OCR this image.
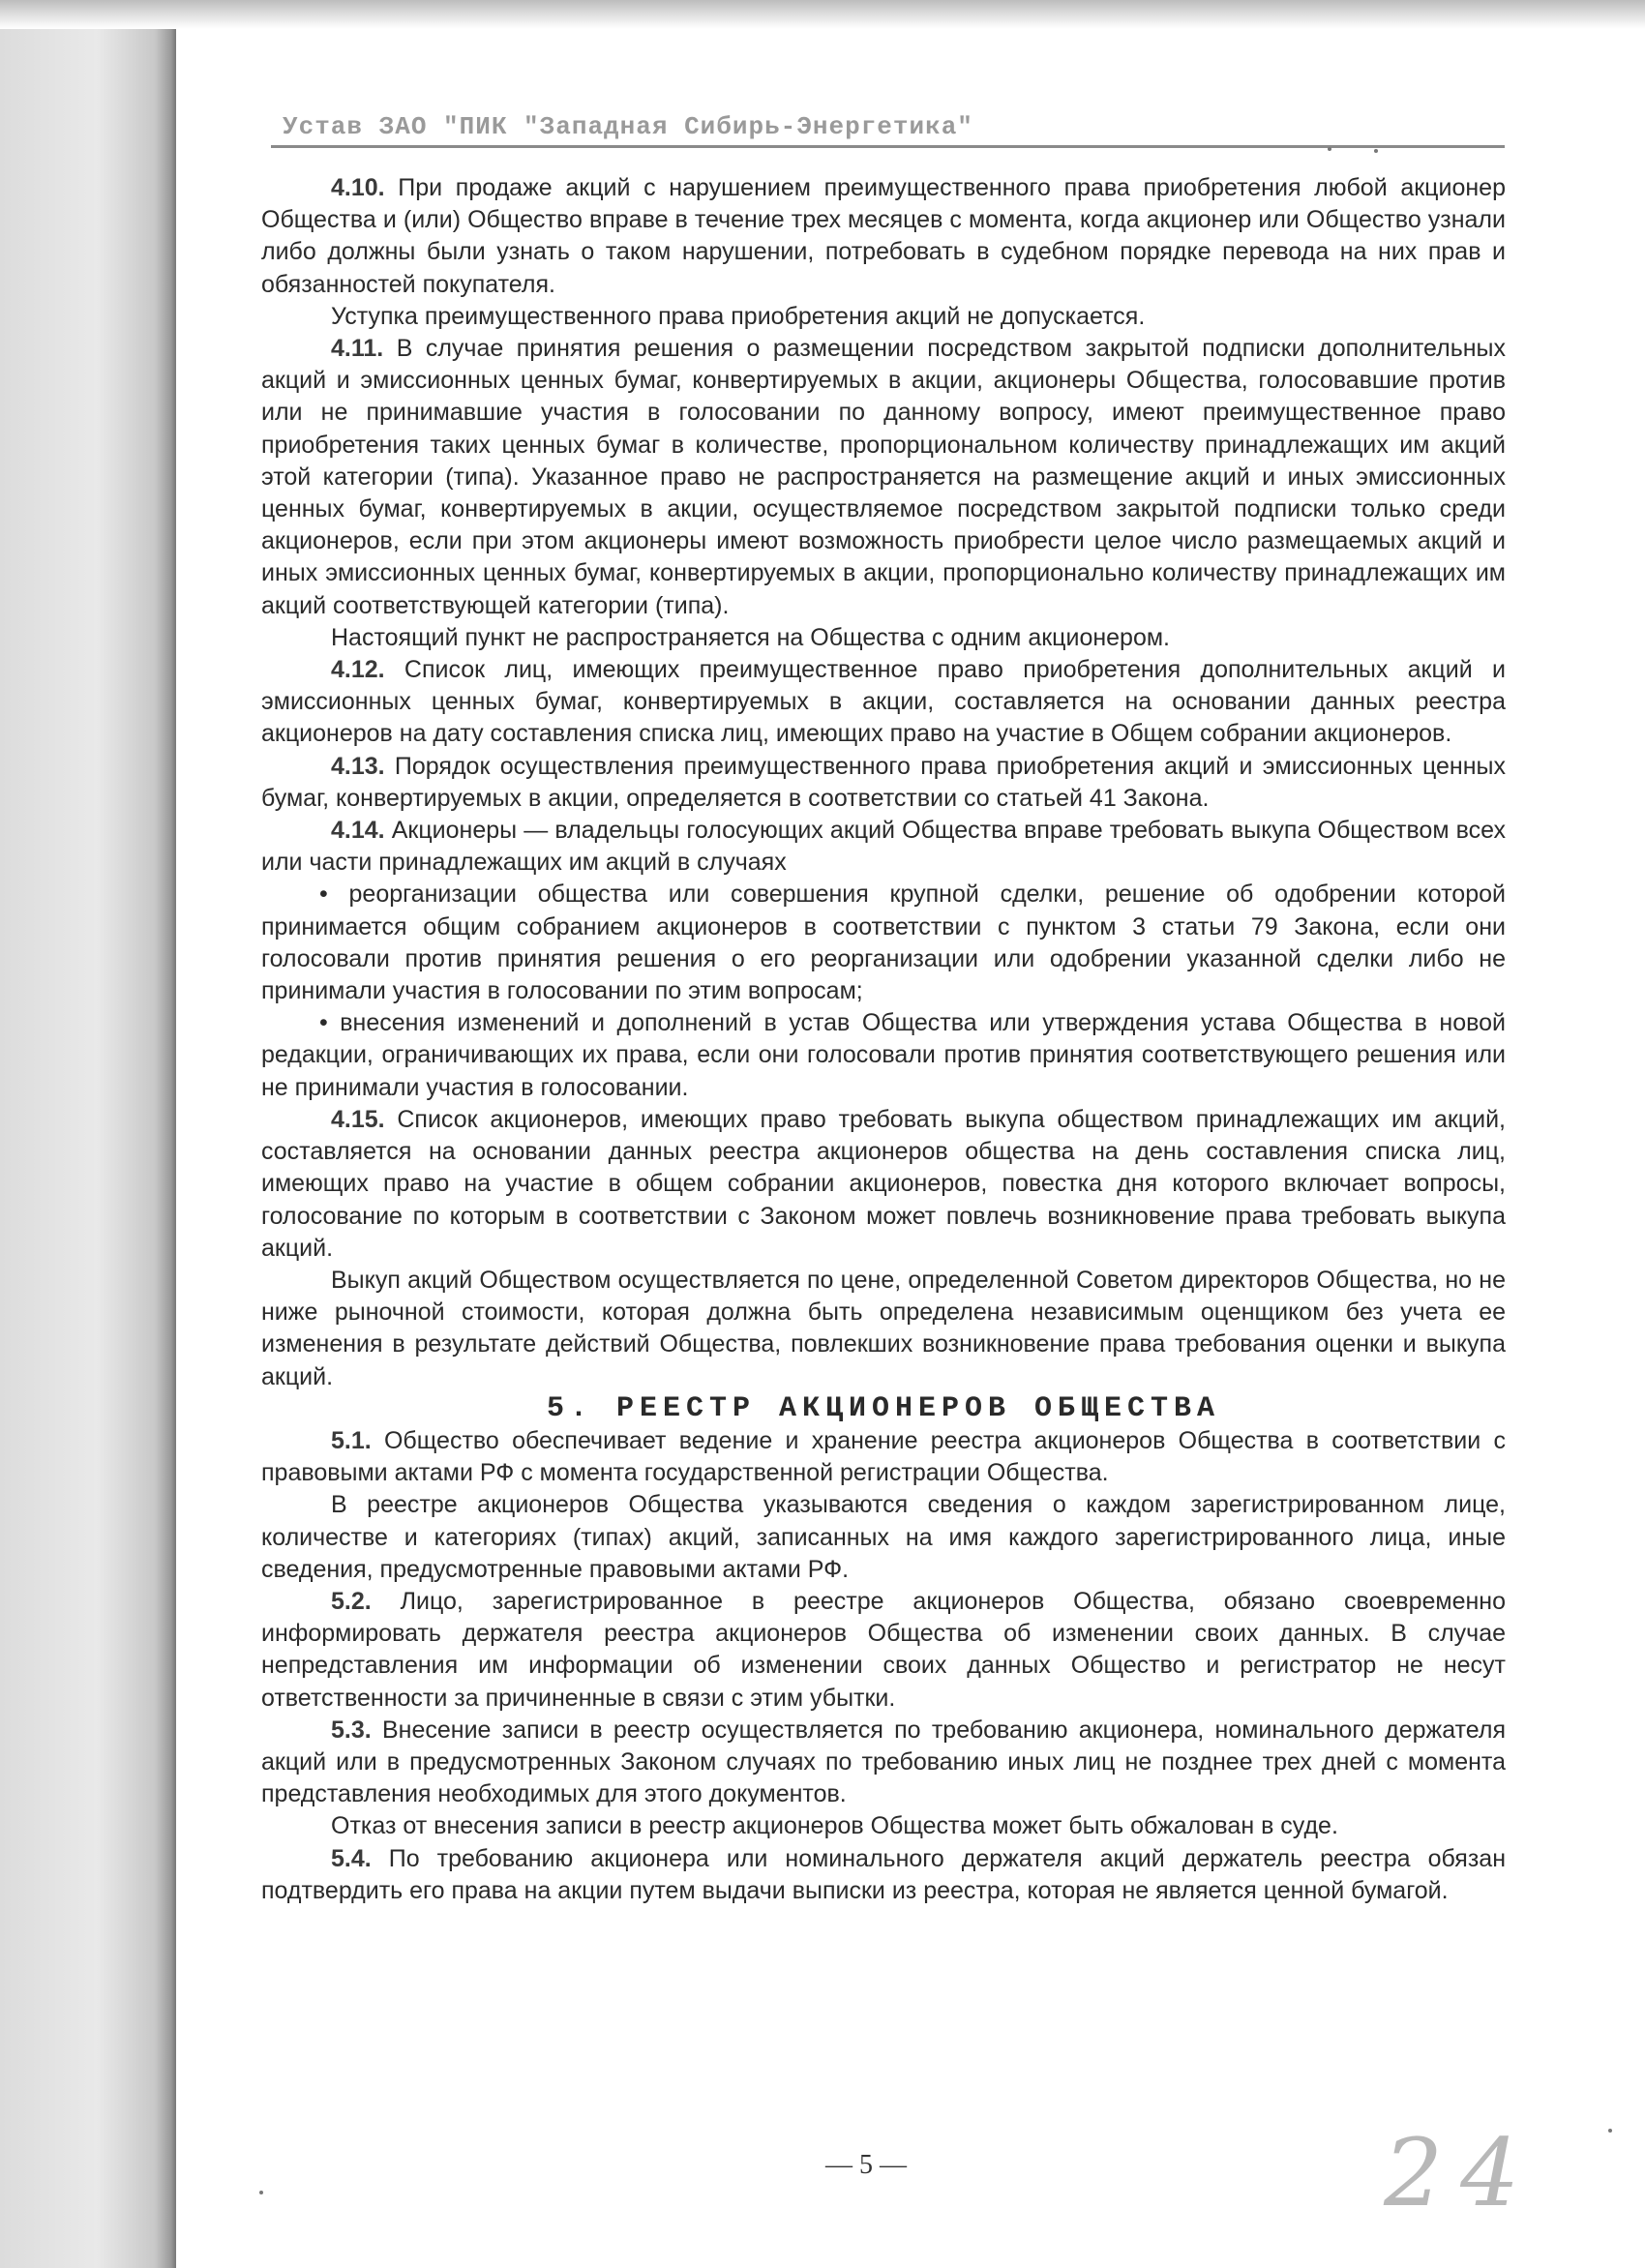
Устав ЗАО "ПИК "Западная Сибирь-Энергетика"

4.10. При продаже акций с нарушением преимущественного права приобретения любой акционер Общества и (или) Общество вправе в течение трех месяцев с момента, когда акционер или Общество узнали либо должны были узнать о таком нарушении, потребовать в судебном порядке перевода на них прав и обязанностей покупателя.

Уступка преимущественного права приобретения акций не допускается.

4.11. В случае принятия решения о размещении посредством закрытой подписки дополнительных акций и эмиссионных ценных бумаг, конвертируемых в акции, акционеры Общества, голосовавшие против или не принимавшие участия в голосовании по данному вопросу, имеют преимущественное право приобретения таких ценных бумаг в количестве, пропорциональном количеству принадлежащих им акций этой категории (типа). Указанное право не распространяется на размещение акций и иных эмиссионных ценных бумаг, конвертируемых в акции, осуществляемое посредством закрытой подписки только среди акционеров, если при этом акционеры имеют возможность приобрести целое число размещаемых акций и иных эмиссионных ценных бумаг, конвертируемых в акции, пропорционально количеству принадлежащих им акций соответствующей категории (типа).

Настоящий пункт не распространяется на Общества с одним акционером.

4.12. Список лиц, имеющих преимущественное право приобретения дополнительных акций и эмиссионных ценных бумаг, конвертируемых в акции, составляется на основании данных реестра акционеров на дату составления списка лиц, имеющих право на участие в Общем собрании акционеров.

4.13. Порядок осуществления преимущественного права приобретения акций и эмиссионных ценных бумаг, конвертируемых в акции, определяется в соответствии со статьей 41 Закона.

4.14. Акционеры — владельцы голосующих акций Общества вправе требовать выкупа Обществом всех или части принадлежащих им акций в случаях

• реорганизации общества или совершения крупной сделки, решение об одобрении которой принимается общим собранием акционеров в соответствии с пунктом 3 статьи 79 Закона, если они голосовали против принятия решения о его реорганизации или одобрении указанной сделки либо не принимали участия в голосовании по этим вопросам;

• внесения изменений и дополнений в устав Общества или утверждения устава Общества в новой редакции, ограничивающих их права, если они голосовали против принятия соответствующего решения или не принимали участия в голосовании.

4.15. Список акционеров, имеющих право требовать выкупа обществом принадлежащих им акций, составляется на основании данных реестра акционеров общества на день составления списка лиц, имеющих право на участие в общем собрании акционеров, повестка дня которого включает вопросы, голосование по которым в соответствии с Законом может повлечь возникновение права требовать выкупа акций.

Выкуп акций Обществом осуществляется по цене, определенной Советом директоров Общества, но не ниже рыночной стоимости, которая должна быть определена независимым оценщиком без учета ее изменения в результате действий Общества, повлекших возникновение права требования оценки и выкупа акций.

5. РЕЕСТР АКЦИОНЕРОВ ОБЩЕСТВА

5.1. Общество обеспечивает ведение и хранение реестра акционеров Общества в соответствии с правовыми актами РФ с момента государственной регистрации Общества.

В реестре акционеров Общества указываются сведения о каждом зарегистрированном лице, количестве и категориях (типах) акций, записанных на имя каждого зарегистрированного лица, иные сведения, предусмотренные правовыми актами РФ.

5.2. Лицо, зарегистрированное в реестре акционеров Общества, обязано своевременно информировать держателя реестра акционеров Общества об изменении своих данных. В случае непредставления им информации об изменении своих данных Общество и регистратор не несут ответственности за причиненные в связи с этим убытки.

5.3. Внесение записи в реестр осуществляется по требованию акционера, номинального держателя акций или в предусмотренных Законом случаях по требованию иных лиц не позднее трех дней с момента представления необходимых для этого документов.

Отказ от внесения записи в реестр акционеров Общества может быть обжалован в суде.

5.4. По требованию акционера или номинального держателя акций держатель реестра обязан подтвердить его права на акции путем выдачи выписки из реестра, которая не является ценной бумагой.

— 5 —	24
